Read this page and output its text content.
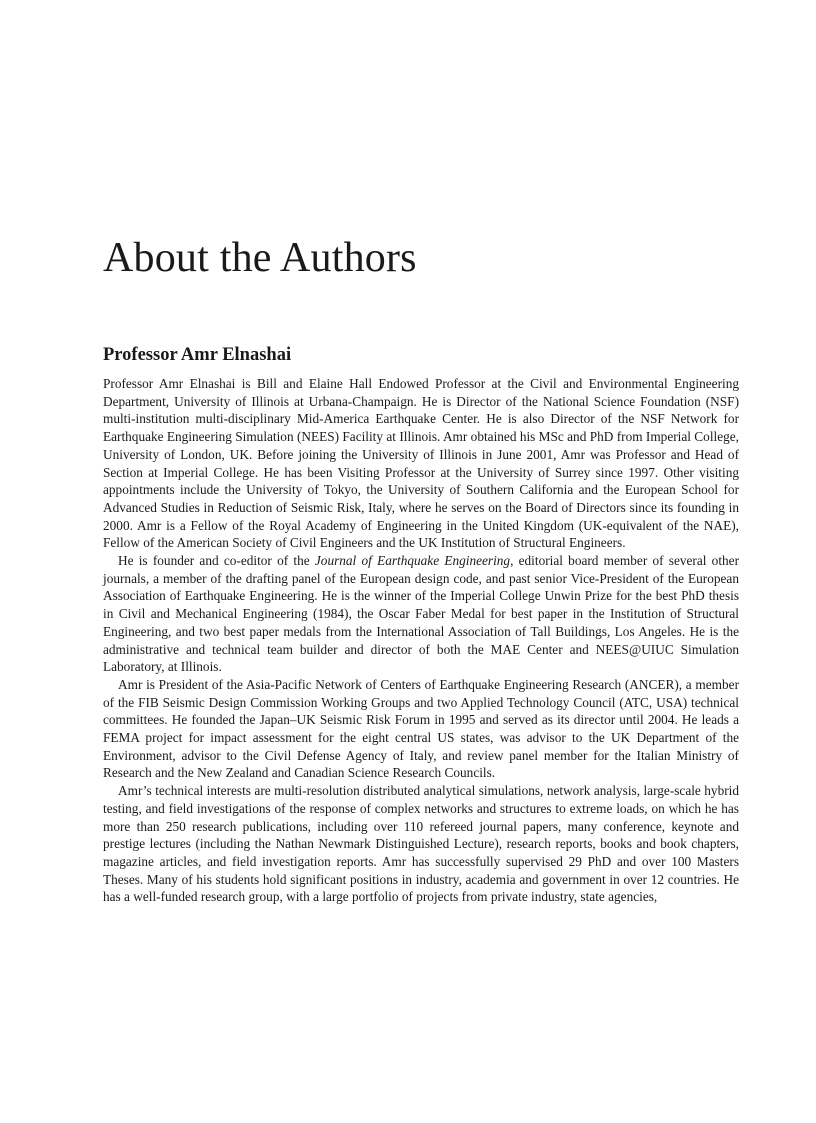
About the Authors
Professor Amr Elnashai

Professor Amr Elnashai is Bill and Elaine Hall Endowed Professor at the Civil and Environmental Engineering Department, University of Illinois at Urbana-Champaign. He is Director of the National Science Foundation (NSF) multi-institution multi-disciplinary Mid-America Earthquake Center. He is also Director of the NSF Network for Earthquake Engineering Simulation (NEES) Facility at Illinois. Amr obtained his MSc and PhD from Imperial College, University of London, UK. Before joining the University of Illinois in June 2001, Amr was Professor and Head of Section at Imperial College. He has been Visiting Professor at the University of Surrey since 1997. Other visiting appointments include the University of Tokyo, the University of Southern California and the European School for Advanced Studies in Reduction of Seismic Risk, Italy, where he serves on the Board of Directors since its founding in 2000. Amr is a Fellow of the Royal Academy of Engineering in the United Kingdom (UK-equivalent of the NAE), Fellow of the American Society of Civil Engineers and the UK Institution of Structural Engineers.

He is founder and co-editor of the Journal of Earthquake Engineering, editorial board member of several other journals, a member of the drafting panel of the European design code, and past senior Vice-President of the European Association of Earthquake Engineering. He is the winner of the Imperial College Unwin Prize for the best PhD thesis in Civil and Mechanical Engineering (1984), the Oscar Faber Medal for best paper in the Institution of Structural Engineering, and two best paper medals from the International Association of Tall Buildings, Los Angeles. He is the administrative and technical team builder and director of both the MAE Center and NEES@UIUC Simulation Laboratory, at Illinois.

Amr is President of the Asia-Pacific Network of Centers of Earthquake Engineering Research (ANCER), a member of the FIB Seismic Design Commission Working Groups and two Applied Technology Council (ATC, USA) technical committees. He founded the Japan–UK Seismic Risk Forum in 1995 and served as its director until 2004. He leads a FEMA project for impact assessment for the eight central US states, was advisor to the UK Department of the Environment, advisor to the Civil Defense Agency of Italy, and review panel member for the Italian Ministry of Research and the New Zealand and Canadian Science Research Councils.

Amr’s technical interests are multi-resolution distributed analytical simulations, network analysis, large-scale hybrid testing, and field investigations of the response of complex networks and structures to extreme loads, on which he has more than 250 research publications, including over 110 refereed journal papers, many conference, keynote and prestige lectures (including the Nathan Newmark Distinguished Lecture), research reports, books and book chapters, magazine articles, and field investigation reports. Amr has successfully supervised 29 PhD and over 100 Masters Theses. Many of his students hold significant positions in industry, academia and government in over 12 countries. He has a well-funded research group, with a large portfolio of projects from private industry, state agencies,
